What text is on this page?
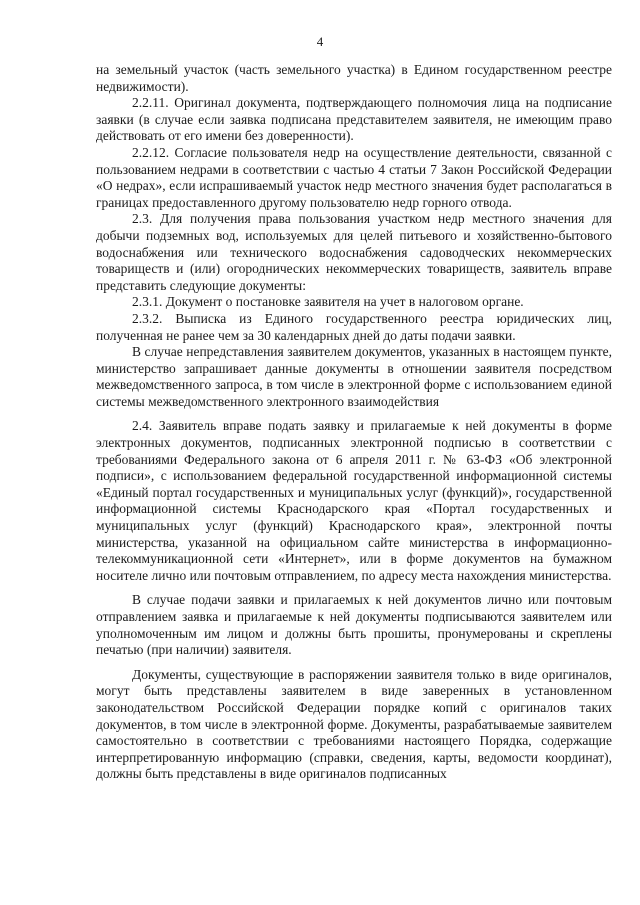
4

на земельный участок (часть земельного участка) в Едином государственном реестре недвижимости).

2.2.11. Оригинал документа, подтверждающего полномочия лица на подписание заявки (в случае если заявка подписана представителем заявителя, не имеющим право действовать от его имени без доверенности).

2.2.12. Согласие пользователя недр на осуществление деятельности, связанной с пользованием недрами в соответствии с частью 4 статьи 7 Закон Российской Федерации «О недрах», если испрашиваемый участок недр местного значения будет располагаться в границах предоставленного другому пользователю недр горного отвода.

2.3. Для получения права пользования участком недр местного значения для добычи подземных вод, используемых для целей питьевого и хозяйственно-бытового водоснабжения или технического водоснабжения садоводческих некоммерческих товариществ и (или) огороднических некоммерческих товариществ, заявитель вправе представить следующие документы:

2.3.1. Документ о постановке заявителя на учет в налоговом органе.

2.3.2. Выписка из Единого государственного реестра юридических лиц, полученная не ранее чем за 30 календарных дней до даты подачи заявки.

В случае непредставления заявителем документов, указанных в настоящем пункте, министерство запрашивает данные документы в отношении заявителя посредством межведомственного запроса, в том числе в электронной форме с использованием единой системы межведомственного электронного взаимодействия

2.4. Заявитель вправе подать заявку и прилагаемые к ней документы в форме электронных документов, подписанных электронной подписью в соответствии с требованиями Федерального закона от 6 апреля 2011 г. № 63-ФЗ «Об электронной подписи», с использованием федеральной государственной информационной системы «Единый портал государственных и муниципальных услуг (функций)», государственной информационной системы Краснодарского края «Портал государственных и муниципальных услуг (функций) Краснодарского края», электронной почты министерства, указанной на официальном сайте министерства в информационно-телекоммуникационной сети «Интернет», или в форме документов на бумажном носителе лично или почтовым отправлением, по адресу места нахождения министерства.

В случае подачи заявки и прилагаемых к ней документов лично или почтовым отправлением заявка и прилагаемые к ней документы подписываются заявителем или уполномоченным им лицом и должны быть прошиты, пронумерованы и скреплены печатью (при наличии) заявителя.

Документы, существующие в распоряжении заявителя только в виде оригиналов, могут быть представлены заявителем в виде заверенных в установленном законодательством Российской Федерации порядке копий с оригиналов таких документов, в том числе в электронной форме. Документы, разрабатываемые заявителем самостоятельно в соответствии с требованиями настоящего Порядка, содержащие интерпретированную информацию (справки, сведения, карты, ведомости координат), должны быть представлены в виде оригиналов подписанных
